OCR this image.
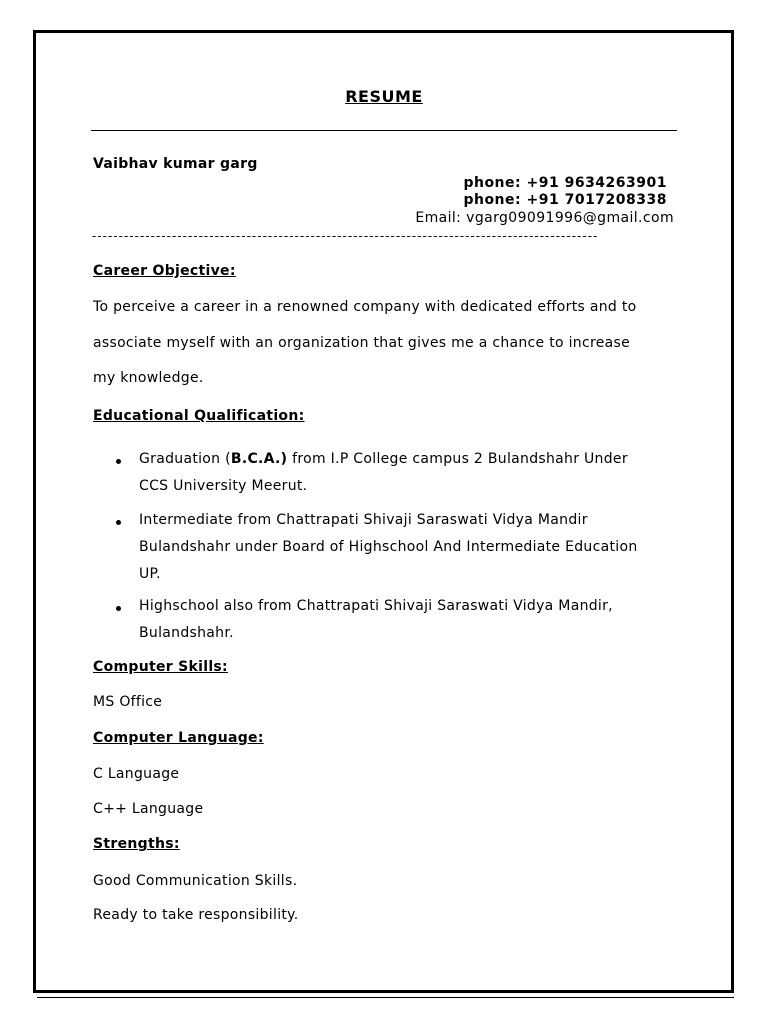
RESUME
Vaibhav kumar garg
phone: +91 9634263901
phone: +91 7017208338
Email: vgarg09091996@gmail.com
-----------------------------------------------------------------------------------------------
Career Objective:
To perceive a career in a renowned company with dedicated efforts and to
associate myself with an organization that gives me a chance to increase
my knowledge.
Educational Qualification:
Graduation (B.C.A.) from I.P College campus 2 Bulandshahr Under
CCS University Meerut.
Intermediate from Chattrapati Shivaji Saraswati Vidya Mandir
Bulandshahr under Board of Highschool And Intermediate Education
UP.
Highschool also from Chattrapati Shivaji Saraswati Vidya Mandir,
Bulandshahr.
Computer Skills:
MS Office
Computer Language:
C Language
C++ Language
Strengths:
Good Communication Skills.
Ready to take responsibility.
